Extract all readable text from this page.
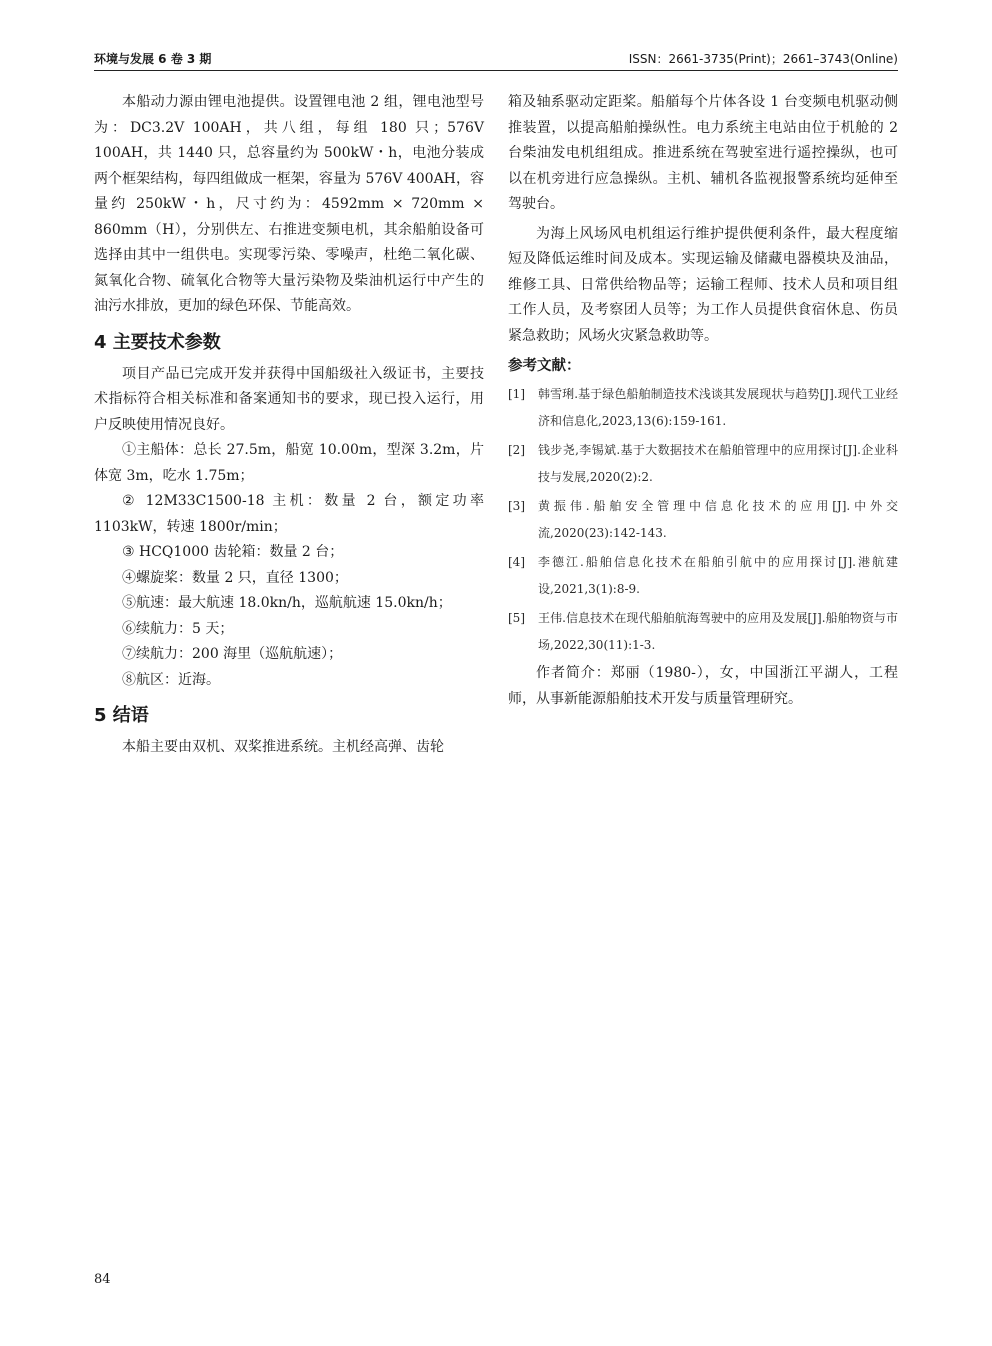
环境与发展 6 卷 3 期	ISSN：2661-3735(Print)；2661–3743(Online)

本船动力源由锂电池提供。设置锂电池 2 组，锂电池型号为：DC3.2V 100AH，共八组，每组 180 只；576V 100AH，共 1440 只，总容量约为 500kW・h，电池分装成两个框架结构，每四组做成一框架，容量为 576V 400AH，容量约 250kW・h，尺寸约为：4592mm × 720mm × 860mm（H），分别供左、右推进变频电机，其余船舶设备可选择由其中一组供电。实现零污染、零噪声，杜绝二氧化碳、氮氧化合物、硫氧化合物等大量污染物及柴油机运行中产生的油污水排放，更加的绿色环保、节能高效。

4 主要技术参数

项目产品已完成开发并获得中国船级社入级证书，主要技术指标符合相关标准和备案通知书的要求，现已投入运行，用户反映使用情况良好。

①主船体：总长 27.5m，船宽 10.00m，型深 3.2m，片体宽 3m，吃水 1.75m；
② 12M33C1500-18 主机：数量 2 台，额定功率 1103kW，转速 1800r/min；
③ HCQ1000 齿轮箱：数量 2 台；
④螺旋桨：数量 2 只，直径 1300；
⑤航速：最大航速 18.0kn/h，巡航航速 15.0kn/h；
⑥续航力：5 天；
⑦续航力：200 海里（巡航航速）；
⑧航区：近海。
5 结语

本船主要由双机、双桨推进系统。主机经高弹、齿轮

箱及轴系驱动定距桨。船艏每个片体各设 1 台变频电机驱动侧推装置，以提高船舶操纵性。电力系统主电站由位于机舱的 2 台柴油发电机组组成。推进系统在驾驶室进行遥控操纵，也可以在机旁进行应急操纵。主机、辅机各监视报警系统均延伸至驾驶台。

为海上风场风电机组运行维护提供便利条件，最大程度缩短及降低运维时间及成本。实现运输及储藏电器模块及油品，维修工具、日常供给物品等；运输工程师、技术人员和项目组工作人员，及考察团人员等；为工作人员提供食宿休息、伤员紧急救助；风场火灾紧急救助等。

参考文献：
[1]	韩雪琍.基于绿色船舶制造技术浅谈其发展现状与趋势[J].现代工业经济和信息化,2023,13(6):159-161.
[2]	钱步尧,李锡斌.基于大数据技术在船舶管理中的应用探讨[J].企业科技与发展,2020(2):2.
[3]	黄振伟.船舶安全管理中信息化技术的应用[J].中外交流,2020(23):142-143.
[4]	李德江.船舶信息化技术在船舶引航中的应用探讨[J].港航建设,2021,3(1):8-9.
[5]	王伟.信息技术在现代船舶航海驾驶中的应用及发展[J].船舶物资与市场,2022,30(11):1-3.

作者简介：郑丽（1980-），女，中国浙江平湖人，工程师，从事新能源船舶技术开发与质量管理研究。

84
